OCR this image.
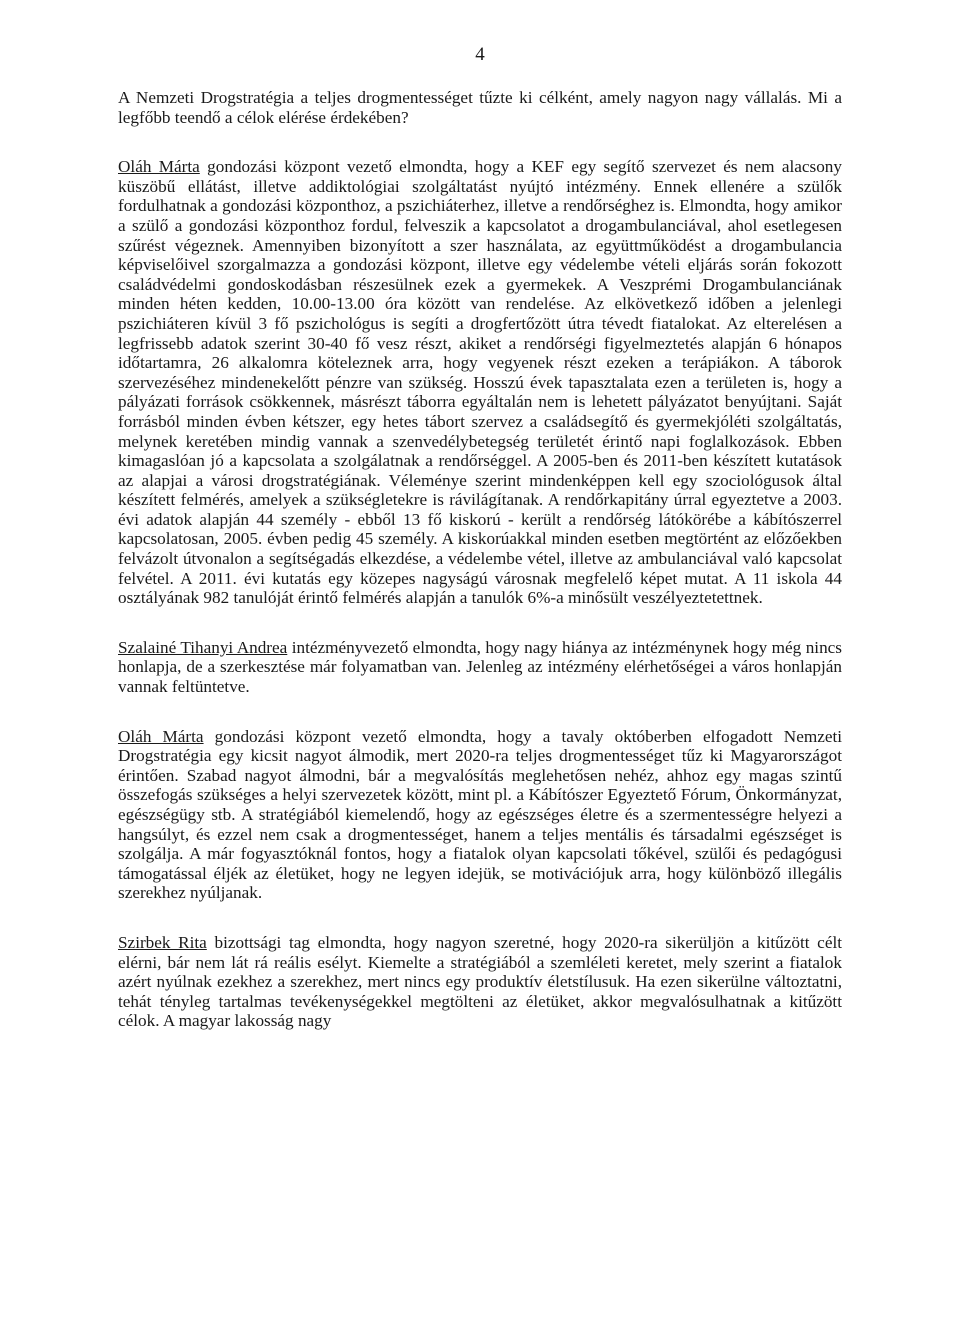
4

A Nemzeti Drogstratégia a teljes drogmentességet tűzte ki célként, amely nagyon nagy vállalás. Mi a legfőbb teendő a célok elérése érdekében?

Oláh Márta gondozási központ vezető elmondta, hogy a KEF egy segítő szervezet és nem alacsony küszöbű ellátást, illetve addiktológiai szolgáltatást nyújtó intézmény. Ennek ellenére a szülők fordulhatnak a gondozási központhoz, a pszichiáterhez, illetve a rendőrséghez is. Elmondta, hogy amikor a szülő a gondozási központhoz fordul, felveszik a kapcsolatot a drogambulanciával, ahol esetlegesen szűrést végeznek. Amennyiben bizonyított a szer használata, az együttműködést a drogambulancia képviselőivel szorgalmazza a gondozási központ, illetve egy védelembe vételi eljárás során fokozott családvédelmi gondoskodásban részesülnek ezek a gyermekek. A Veszprémi Drogambulanciának minden héten kedden, 10.00-13.00 óra között van rendelése. Az elkövetkező időben a jelenlegi pszichiáteren kívül 3 fő pszichológus is segíti a drogfertőzött útra tévedt fiatalokat. Az elterelésen a legfrissebb adatok szerint 30-40 fő vesz részt, akiket a rendőrségi figyelmeztetés alapján 6 hónapos időtartamra, 26 alkalomra köteleznek arra, hogy vegyenek részt ezeken a terápiákon. A táborok szervezéséhez mindenekelőtt pénzre van szükség. Hosszú évek tapasztalata ezen a területen is, hogy a pályázati források csökkennek, másrészt táborra egyáltalán nem is lehetett pályázatot benyújtani. Saját forrásból minden évben kétszer, egy hetes tábort szervez a családsegítő és gyermekjóléti szolgáltatás, melynek keretében mindig vannak a szenvedélybetegség területét érintő napi foglalkozások. Ebben kimagaslóan jó a kapcsolata a szolgálatnak a rendőrséggel. A 2005-ben és 2011-ben készített kutatások az alapjai a városi drogstratégiának. Véleménye szerint mindenképpen kell egy szociológusok által készített felmérés, amelyek a szükségletekre is rávilágítanak. A rendőrkapitány úrral egyeztetve a 2003. évi adatok alapján 44 személy - ebből 13 fő kiskorú - került a rendőrség látókörébe a kábítószerrel kapcsolatosan, 2005. évben pedig 45 személy. A kiskorúakkal minden esetben megtörtént az előzőekben felvázolt útvonalon a segítségadás elkezdése, a védelembe vétel, illetve az ambulanciával való kapcsolat felvétel. A 2011. évi kutatás egy közepes nagyságú városnak megfelelő képet mutat. A 11 iskola 44 osztályának 982 tanulóját érintő felmérés alapján a tanulók 6%-a minősült veszélyeztetettnek.

Szalainé Tihanyi Andrea intézményvezető elmondta, hogy nagy hiánya az intézménynek hogy még nincs honlapja, de a szerkesztése már folyamatban van. Jelenleg az intézmény elérhetőségei a város honlapján vannak feltüntetve.

Oláh Márta gondozási központ vezető elmondta, hogy a tavaly októberben elfogadott Nemzeti Drogstratégia egy kicsit nagyot álmodik, mert 2020-ra teljes drogmentességet tűz ki Magyarországot érintően. Szabad nagyot álmodni, bár a megvalósítás meglehetősen nehéz, ahhoz egy magas szintű összefogás szükséges a helyi szervezetek között, mint pl. a Kábítószer Egyeztető Fórum, Önkormányzat, egészségügy stb. A stratégiából kiemelendő, hogy az egészséges életre és a szermentességre helyezi a hangsúlyt, és ezzel nem csak a drogmentességet, hanem a teljes mentális és társadalmi egészséget is szolgálja. A már fogyasztóknál fontos, hogy a fiatalok olyan kapcsolati tőkével, szülői és pedagógusi támogatással éljék az életüket, hogy ne legyen idejük, se motivációjuk arra, hogy különböző illegális szerekhez nyúljanak.

Szirbek Rita bizottsági tag elmondta, hogy nagyon szeretné, hogy 2020-ra sikerüljön a kitűzött célt elérni, bár nem lát rá reális esélyt. Kiemelte a stratégiából a szemléleti keretet, mely szerint a fiatalok azért nyúlnak ezekhez a szerekhez, mert nincs egy produktív életstílusuk. Ha ezen sikerülne változtatni, tehát tényleg tartalmas tevékenységekkel megtölteni az életüket, akkor megvalósulhatnak a kitűzött célok. A magyar lakosság nagy
